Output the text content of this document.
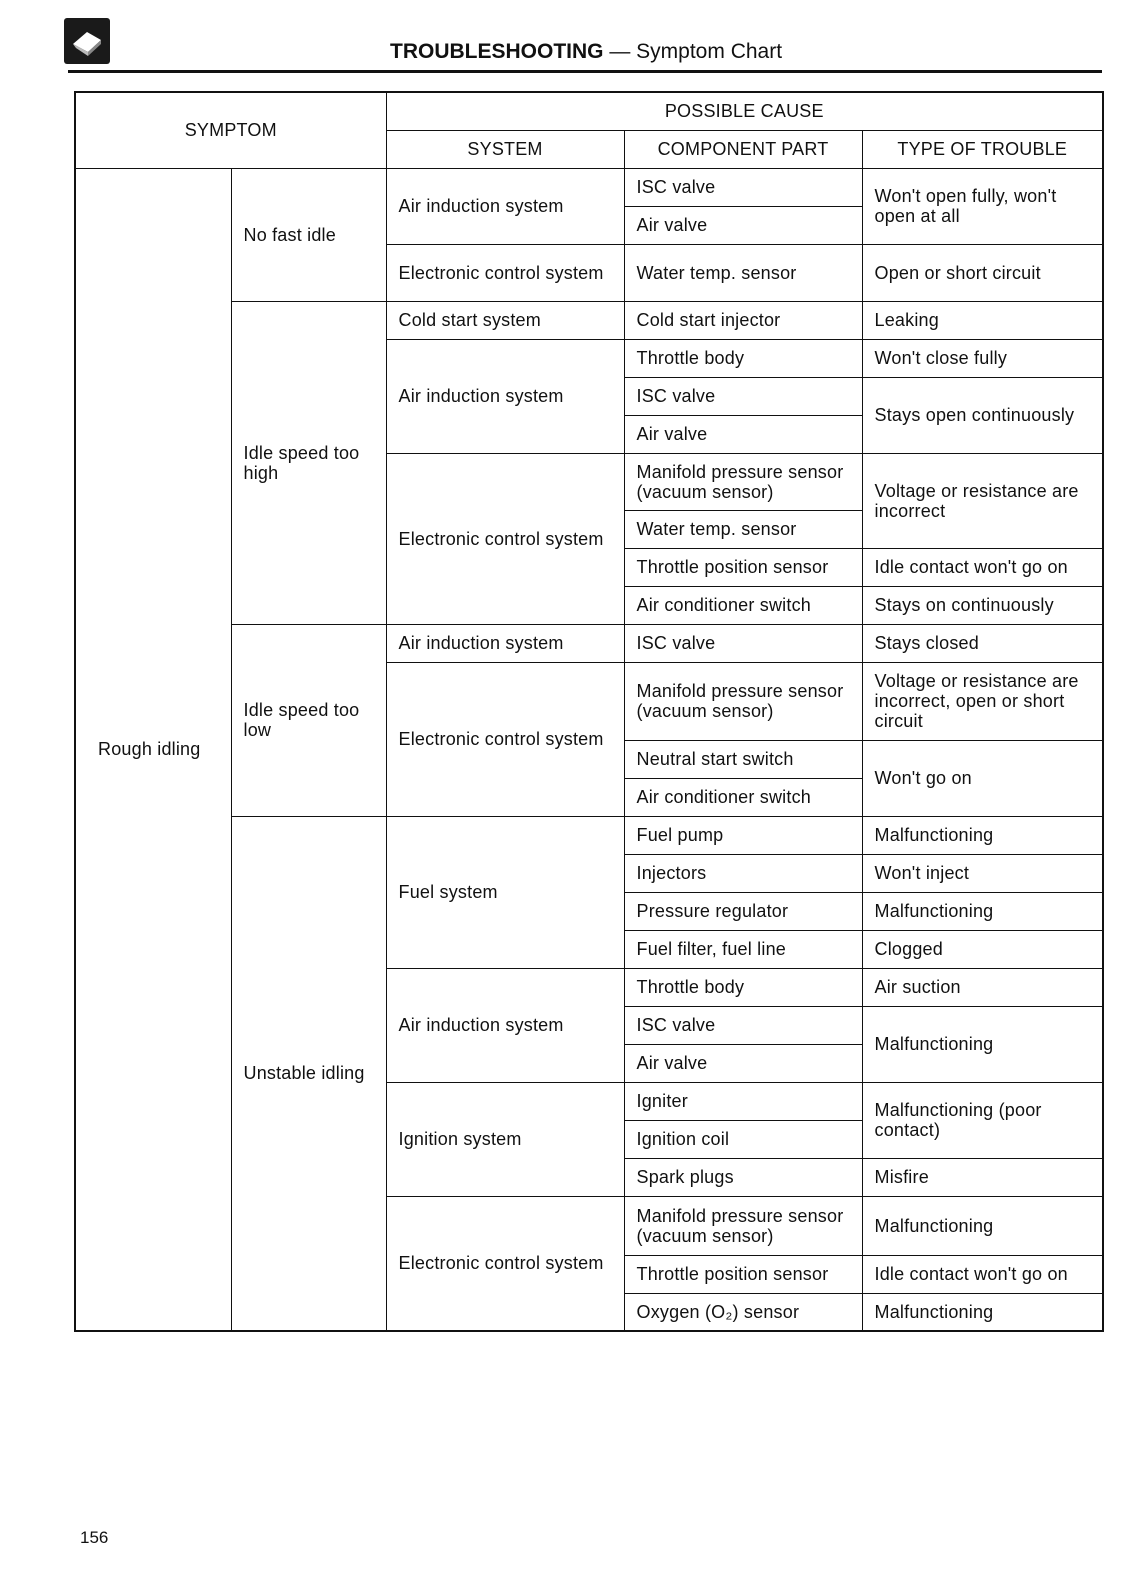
TROUBLESHOOTING — Symptom Chart
SYMPTOM		POSSIBLE CAUSE		
		SYSTEM	COMPONENT PART	TYPE OF TROUBLE
Rough idling	No fast idle	Air induction system	ISC valve	Won't open fully, won't open at all
			Air valve	
		Electronic control system	Water temp. sensor	Open or short circuit
	Idle speed too high	Cold start system	Cold start injector	Leaking
		Air induction system	Throttle body	Won't close fully
			ISC valve	Stays open continuously
			Air valve	
		Electronic control system	Manifold pressure sensor (vacuum sensor)	Voltage or resistance are incorrect
			Water temp. sensor	
			Throttle position sensor	Idle contact won't go on
			Air conditioner switch	Stays on continuously
	Idle speed too low	Air induction system	ISC valve	Stays closed
		Electronic control system	Manifold pressure sensor (vacuum sensor)	Voltage or resistance are incorrect, open or short circuit
			Neutral start switch	Won't go on
			Air conditioner switch	
	Unstable idling	Fuel system	Fuel pump	Malfunctioning
			Injectors	Won't inject
			Pressure regulator	Malfunctioning
			Fuel filter, fuel line	Clogged
		Air induction system	Throttle body	Air suction
			ISC valve	Malfunctioning
			Air valve	
		Ignition system	Igniter	Malfunctioning (poor contact)
			Ignition coil	
			Spark plugs	Misfire
		Electronic control system	Manifold pressure sensor (vacuum sensor)	Malfunctioning
			Throttle position sensor	Idle contact won't go on
			Oxygen (O₂) sensor	Malfunctioning
156
